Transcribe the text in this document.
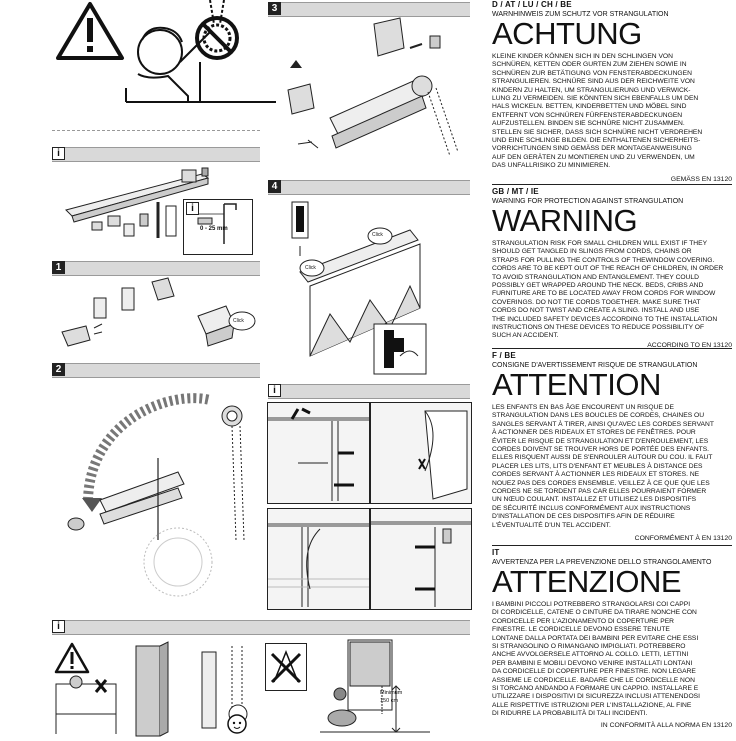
i
i
0 - 25 mm
1
Click
2
i
Minimum
150 cm
3
4
Click
Click
i
D / AT / LU / CH / BE
WARNHINWEIS ZUM SCHUTZ VOR STRANGULATION
ACHTUNG
KLEINE KINDER KÖNNEN SICH IN DEN SCHLINGEN VON
SCHNÜREN, KETTEN ODER GURTEN ZUM ZIEHEN SOWIE IN
SCHNÜREN ZUR BETÄTIGUNG VON FENSTERABDECKUNGEN
STRANGULIEREN. SCHNÜRE SIND AUS DER REICHWEITE VON
KINDERN ZU HALTEN, UM STRANGULIERUNG UND VERWICK-
LUNG ZU VERMEIDEN. SIE KÖNNTEN SICH EBENFALLS UM DEN
HALS WICKELN. BETTEN, KINDERBETTEN UND MÖBEL SIND
ENTFERNT VON SCHNÜREN FÜRFENSTERABDECKUNGEN
AUFZUSTELLEN. BINDEN SIE SCHNÜRE NICHT ZUSAMMEN.
STELLEN SIE SICHER, DASS SICH SCHNÜRE NICHT VERDREHEN
UND EINE SCHLINGE BILDEN. DIE ENTHALTENEN SICHERHEITS-
VORRICHTUNGEN SIND GEMÄSS DER MONTAGEANWEISUNG
AUF DEN GERÄTEN ZU MONTIEREN UND ZU VERWENDEN, UM
DAS UNFALLRISIKO ZU MINIMIEREN.
GEMÄSS EN 13120
GB / MT / IE
WARNING FOR PROTECTION AGAINST STRANGULATION
WARNING
STRANGULATION RISK FOR SMALL CHILDREN WILL EXIST IF THEY
SHOULD GET TANGLED IN SLINGS FROM CORDS, CHAINS OR
STRAPS FOR PULLING THE CONTROLS OF THEWINDOW COVERING.
CORDS ARE TO BE KEPT OUT OF THE REACH OF CHILDREN, IN ORDER
TO AVOID STRANGULATION AND ENTANGLEMENT. THEY COULD
POSSIBLY GET WRAPPED AROUND THE NECK. BEDS, CRIBS AND
FURNITURE ARE TO BE LOCATED AWAY FROM CORDS FOR WINDOW
COVERINGS. DO NOT TIE CORDS TOGETHER. MAKE SURE THAT
CORDS DO NOT TWIST AND CREATE A SLING. INSTALL AND USE
THE INCLUDED SAFETY DEVICES ACCORDING TO THE INSTALLATION
INSTRUCTIONS ON THESE DEVICES TO REDUCE POSSIBILITY OF
SUCH AN ACCIDENT.
ACCORDING TO EN 13120
F / BE
CONSIGNE D'AVERTISSEMENT RISQUE DE STRANGULATION
ATTENTION
LES ENFANTS EN BAS ÂGE ENCOURENT UN RISQUE DE
STRANGULATION DANS LES BOUCLES DE CORDES, CHAINES OU
SANGLES SERVANT À TIRER, AINSI QU'AVEC LES CORDES SERVANT
À ACTIONNER DES RIDEAUX ET STORES DE FENÊTRES. POUR
ÉVITER LE RISQUE DE STRANGULATION ET D'ENROULEMENT, LES
CORDES DOIVENT SE TROUVER HORS DE PORTÉE DES ENFANTS.
ELLES RISQUENT AUSSI DE S'ENROULER AUTOUR DU COU. IL FAUT
PLACER LES LITS, LITS D'ENFANT ET MEUBLES À DISTANCE DES
CORDES SERVANT À ACTIONNER LES RIDEAUX ET STORES. NE
NOUEZ PAS DES CORDES ENSEMBLE. VEILLEZ À CE QUE QUE LES
CORDES NE SE TORDENT PAS CAR ELLES POURRAIENT FORMER
UN NŒUD COULANT. INSTALLEZ ET UTILISEZ LES DISPOSITIFS
DE SÉCURITÉ INCLUS CONFORMÉMENT AUX INSTRUCTIONS
D'INSTALLATION DE CES DISPOSITIFS AFIN DE RÉDUIRE
L'ÉVENTUALITÉ D'UN TEL ACCIDENT.
CONFORMÉMENT À EN 13120
IT
AVVERTENZA PER LA PREVENZIONE DELLO STRANGOLAMENTO
ATTENZIONE
I BAMBINI PICCOLI POTREBBERO STRANGOLARSI COI CAPPI
DI CORDICELLE, CATENE O CINTURE DA TIRARE NONCHE CON
CORDICELLE PER L'AZIONAMENTO DI COPERTURE PER
FINESTRE. LE CORDICELLE DEVONO ESSERE TENUTE
LONTANE DALLA PORTATA DEI BAMBINI PER EVITARE CHE ESSI
SI STRANGOLINO O RIMANGANO IMPIGLIATI. POTREBBERO
ANCHE AVVOLGERSELE ATTORNO AL COLLO. LETTI, LETTINI
PER BAMBINI E MOBILI DEVONO VENIRE INSTALLATI LONTANI
DA CORDICELLE DI COPERTURE PER FINESTRE. NON LEGARE
ASSIEME LE CORDICELLE. BADARE CHE LE CORDICELLE NON
SI TORCANO ANDANDO A FORMARE UN CAPPIO. INSTALLARE E
UTILIZZARE I DISPOSITIVI DI SICUREZZA INCLUSI ATTENENDOSI
ALLE RISPETTIVE ISTRUZIONI PER L'INSTALLAZIONE, AL FINE
DI RIDURRE LA PROBABILITÀ DI TALI INCIDENTI.
IN CONFORMITÀ ALLA NORMA EN 13120
